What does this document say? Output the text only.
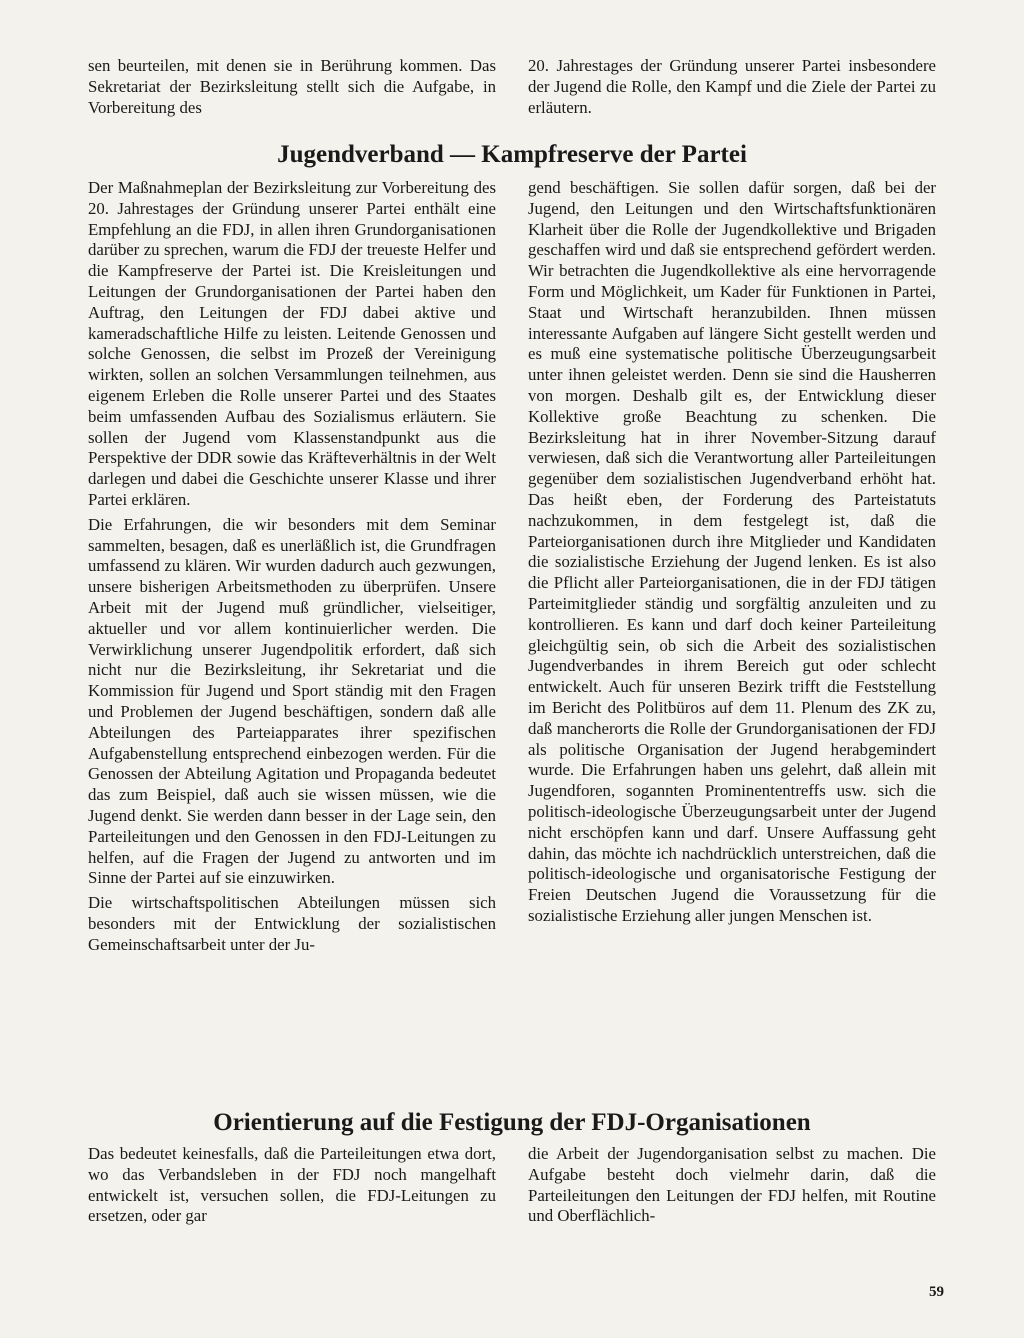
sen beurteilen, mit denen sie in Berührung kommen. Das Sekretariat der Bezirksleitung stellt sich die Aufgabe, in Vorbereitung des

20. Jahrestages der Gründung unserer Partei insbesondere der Jugend die Rolle, den Kampf und die Ziele der Partei zu erläutern.

Jugendverband — Kampfreserve der Partei

Der Maßnahmeplan der Bezirksleitung zur Vorbereitung des 20. Jahrestages der Gründung unserer Partei enthält eine Empfehlung an die FDJ, in allen ihren Grundorganisationen darüber zu sprechen, warum die FDJ der treueste Helfer und die Kampfreserve der Partei ist. Die Kreisleitungen und Leitungen der Grundorganisationen der Partei haben den Auftrag, den Leitungen der FDJ dabei aktive und kameradschaftliche Hilfe zu leisten. Leitende Genossen und solche Genossen, die selbst im Prozeß der Vereinigung wirkten, sollen an solchen Versammlungen teilnehmen, aus eigenem Erleben die Rolle unserer Partei und des Staates beim umfassenden Aufbau des Sozialismus erläutern. Sie sollen der Jugend vom Klassenstandpunkt aus die Perspektive der DDR sowie das Kräfteverhältnis in der Welt darlegen und dabei die Geschichte unserer Klasse und ihrer Partei erklären.

Die Erfahrungen, die wir besonders mit dem Seminar sammelten, besagen, daß es unerläßlich ist, die Grundfragen umfassend zu klären. Wir wurden dadurch auch gezwungen, unsere bisherigen Arbeitsmethoden zu überprüfen. Unsere Arbeit mit der Jugend muß gründlicher, vielseitiger, aktueller und vor allem kontinuierlicher werden. Die Verwirklichung unserer Jugendpolitik erfordert, daß sich nicht nur die Bezirksleitung, ihr Sekretariat und die Kommission für Jugend und Sport ständig mit den Fragen und Problemen der Jugend beschäftigen, sondern daß alle Abteilungen des Parteiapparates ihrer spezifischen Aufgabenstellung entsprechend einbezogen werden. Für die Genossen der Abteilung Agitation und Propaganda bedeutet das zum Beispiel, daß auch sie wissen müssen, wie die Jugend denkt. Sie werden dann besser in der Lage sein, den Parteileitungen und den Genossen in den FDJ-Leitungen zu helfen, auf die Fragen der Jugend zu antworten und im Sinne der Partei auf sie einzuwirken.

Die wirtschaftspolitischen Abteilungen müssen sich besonders mit der Entwicklung der sozialistischen Gemeinschaftsarbeit unter der Ju-

gend beschäftigen. Sie sollen dafür sorgen, daß bei der Jugend, den Leitungen und den Wirtschaftsfunktionären Klarheit über die Rolle der Jugendkollektive und Brigaden geschaffen wird und daß sie entsprechend gefördert werden. Wir betrachten die Jugendkollektive als eine hervorragende Form und Möglichkeit, um Kader für Funktionen in Partei, Staat und Wirtschaft heranzubilden. Ihnen müssen interessante Aufgaben auf längere Sicht gestellt werden und es muß eine systematische politische Überzeugungsarbeit unter ihnen geleistet werden. Denn sie sind die Hausherren von morgen. Deshalb gilt es, der Entwicklung dieser Kollektive große Beachtung zu schenken. Die Bezirksleitung hat in ihrer November-Sitzung darauf verwiesen, daß sich die Verantwortung aller Parteileitungen gegenüber dem sozialistischen Jugendverband erhöht hat. Das heißt eben, der Forderung des Parteistatuts nachzukommen, in dem festgelegt ist, daß die Parteiorganisationen durch ihre Mitglieder und Kandidaten die sozialistische Erziehung der Jugend lenken. Es ist also die Pflicht aller Parteiorganisationen, die in der FDJ tätigen Parteimitglieder ständig und sorgfältig anzuleiten und zu kontrollieren. Es kann und darf doch keiner Parteileitung gleichgültig sein, ob sich die Arbeit des sozialistischen Jugendverbandes in ihrem Bereich gut oder schlecht entwickelt. Auch für unseren Bezirk trifft die Feststellung im Bericht des Politbüros auf dem 11. Plenum des ZK zu, daß mancherorts die Rolle der Grundorganisationen der FDJ als politische Organisation der Jugend herabgemindert wurde. Die Erfahrungen haben uns gelehrt, daß allein mit Jugendforen, sogannten Prominententreffs usw. sich die politisch-ideologische Überzeugungsarbeit unter der Jugend nicht erschöpfen kann und darf. Unsere Auffassung geht dahin, das möchte ich nachdrücklich unterstreichen, daß die politisch-ideologische und organisatorische Festigung der Freien Deutschen Jugend die Voraussetzung für die sozialistische Erziehung aller jungen Menschen ist.

Orientierung auf die Festigung der FDJ-Organisationen

Das bedeutet keinesfalls, daß die Parteileitungen etwa dort, wo das Verbandsleben in der FDJ noch mangelhaft entwickelt ist, versuchen sollen, die FDJ-Leitungen zu ersetzen, oder gar

die Arbeit der Jugendorganisation selbst zu machen. Die Aufgabe besteht doch vielmehr darin, daß die Parteileitungen den Leitungen der FDJ helfen, mit Routine und Oberflächlich-

59
